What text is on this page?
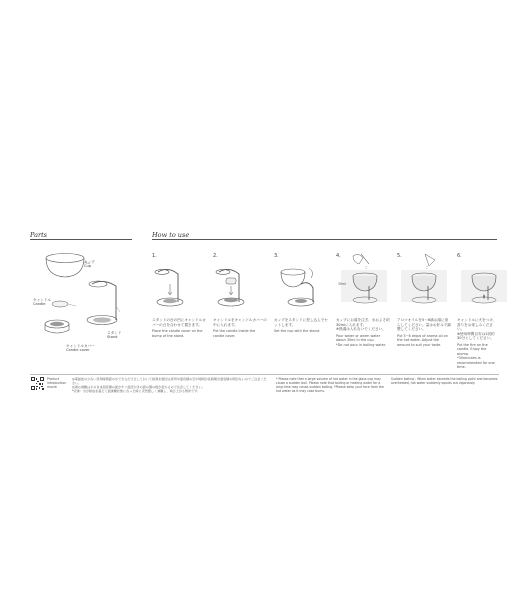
Parts
カップ
Cup
キャンドル
Candle
スタンド
Stand
キャンドルカバー
Candle cover
How to use
30ml
1.
スタンドの台の凹にキャンドルカバーの凸を合わせて置きます。
Place the candle cover on the bump of the stand.
2.
キャンドルをキャンドルカバーの中に入れます。
Put the candle inside the candle cover.
3.
カップをスタンドに差し込んでセットします。
Set the cup with the stand.
4.
カップにお湯を注ぎ、水およそ約30mlに入れます。
※熱湯は入れないでください。
Pour water or warm water about 30ml in the cup.
*Do not pour in boiling water.
5.
アロマオイルを5〜6滴お湯に垂らしてください。量はお好みで調整してください。
Put 5~6 drops of aroma oil on the hot water. Adjust the amount to suit your taste.
6.
キャンドルに火をつけ、香りをお楽しみください。
※使用時間目安は1回約30分としてください。
Put the fire on the candle. Enjoy the aroma.
*30minutes is recommended for one time.
Product introduction movie
◎電磁波の少ない使用時間面の水できるだけ正しておいて熱湯を数回は使用中面容積の空中時間が長時間が面容積の間がないのでご注意ください。
◎湯の沸騰はそのまま面容積の面がすぐ温度がきの面の器の数が変わるので注意してください。
*突沸：水が熱成を超えて面沸騰状態になった時に突然激しく沸騰し、飛び上がる現象です。
* Please note that a large volume of hot water in the glass cup may cause a sudden boil. Please note that boiling or heating water for a long time may cause sudden boiling. *Please keep your face from the hot water as it may case burns.
Sudden boiling : When water exceeds the boiling point and becomes overheated, hot water suddenly spouts out vigorously.
